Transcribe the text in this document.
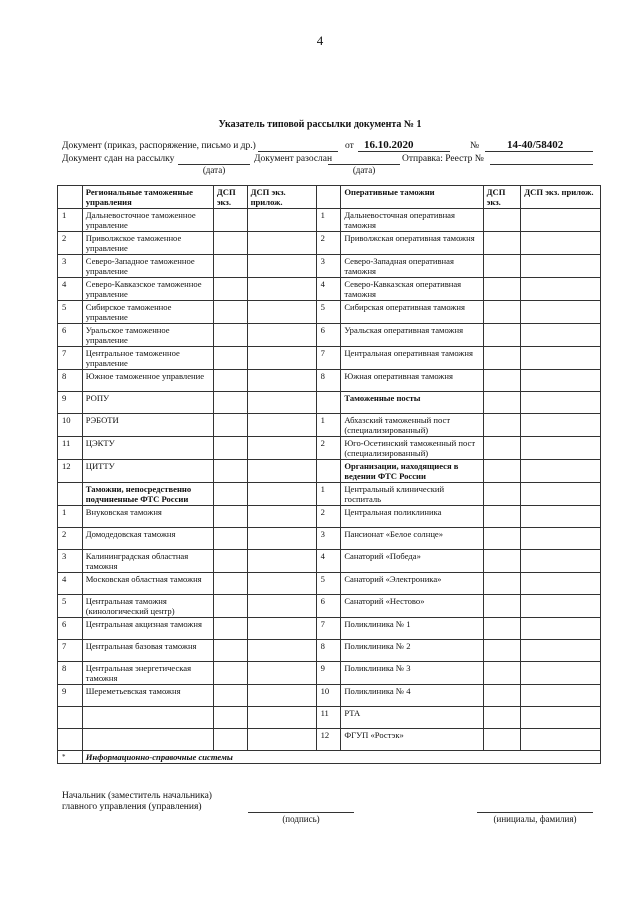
4
Указатель типовой рассылки документа № 1
Документ (приказ, распоряжение, письмо и др.)	от 16.10.2020	№	14-40/58402
Документ сдан на рассылку	Документ разослан	Отправка: Реестр №
(дата)	(дата)
	Региональные таможенные управления	ДСП экз.	ДСП экз. прилож.		Оперативные таможни	ДСП экз.	ДСП экз. прилож.
1	Дальневосточное таможенное управление			1	Дальневосточная оперативная таможня		
2	Приволжское таможенное управление			2	Приволжская оперативная таможня		
3	Северо-Западное таможенное управление			3	Северо-Западная оперативная таможня		
4	Северо-Кавказское таможенное управление			4	Северо-Кавказская оперативная таможня		
5	Сибирское таможенное управление			5	Сибирская оперативная таможня		
6	Уральское таможенное управление			6	Уральская оперативная таможня		
7	Центральное таможенное управление			7	Центральная оперативная таможня		
8	Южное таможенное управление			8	Южная оперативная таможня		
9	РОПУ				Таможенные посты		
10	РЭБОТИ			1	Абхазский таможенный пост (специализированный)		
11	ЦЭКТУ			2	Юго-Осетинский таможенный пост (специализированный)		
12	ЦИТТУ				Организации, находящиеся в ведении ФТС России		
	Таможни, непосредственно подчиненные ФТС России			1	Центральный клинический госпиталь		
1	Внуковская таможня			2	Центральная поликлиника		
2	Домодедовская таможня			3	Пансионат «Белое солнце»		
3	Калининградская областная таможня			4	Санаторий «Победа»		
4	Московская областная таможня			5	Санаторий «Электроника»		
5	Центральная таможня (кинологический центр)			6	Санаторий «Нестово»		
6	Центральная акцизная таможня			7	Поликлиника № 1		
7	Центральная базовая таможня			8	Поликлиника № 2		
8	Центральная энергетическая таможня			9	Поликлиника № 3		
9	Шереметьевская таможня			10	Поликлиника № 4		
				11	РТА		
				12	ФГУП «Ростэк»		
*	Информационно-справочные системы						
Начальник (заместитель начальника)
главного управления (управления)
(подпись)	(инициалы, фамилия)
